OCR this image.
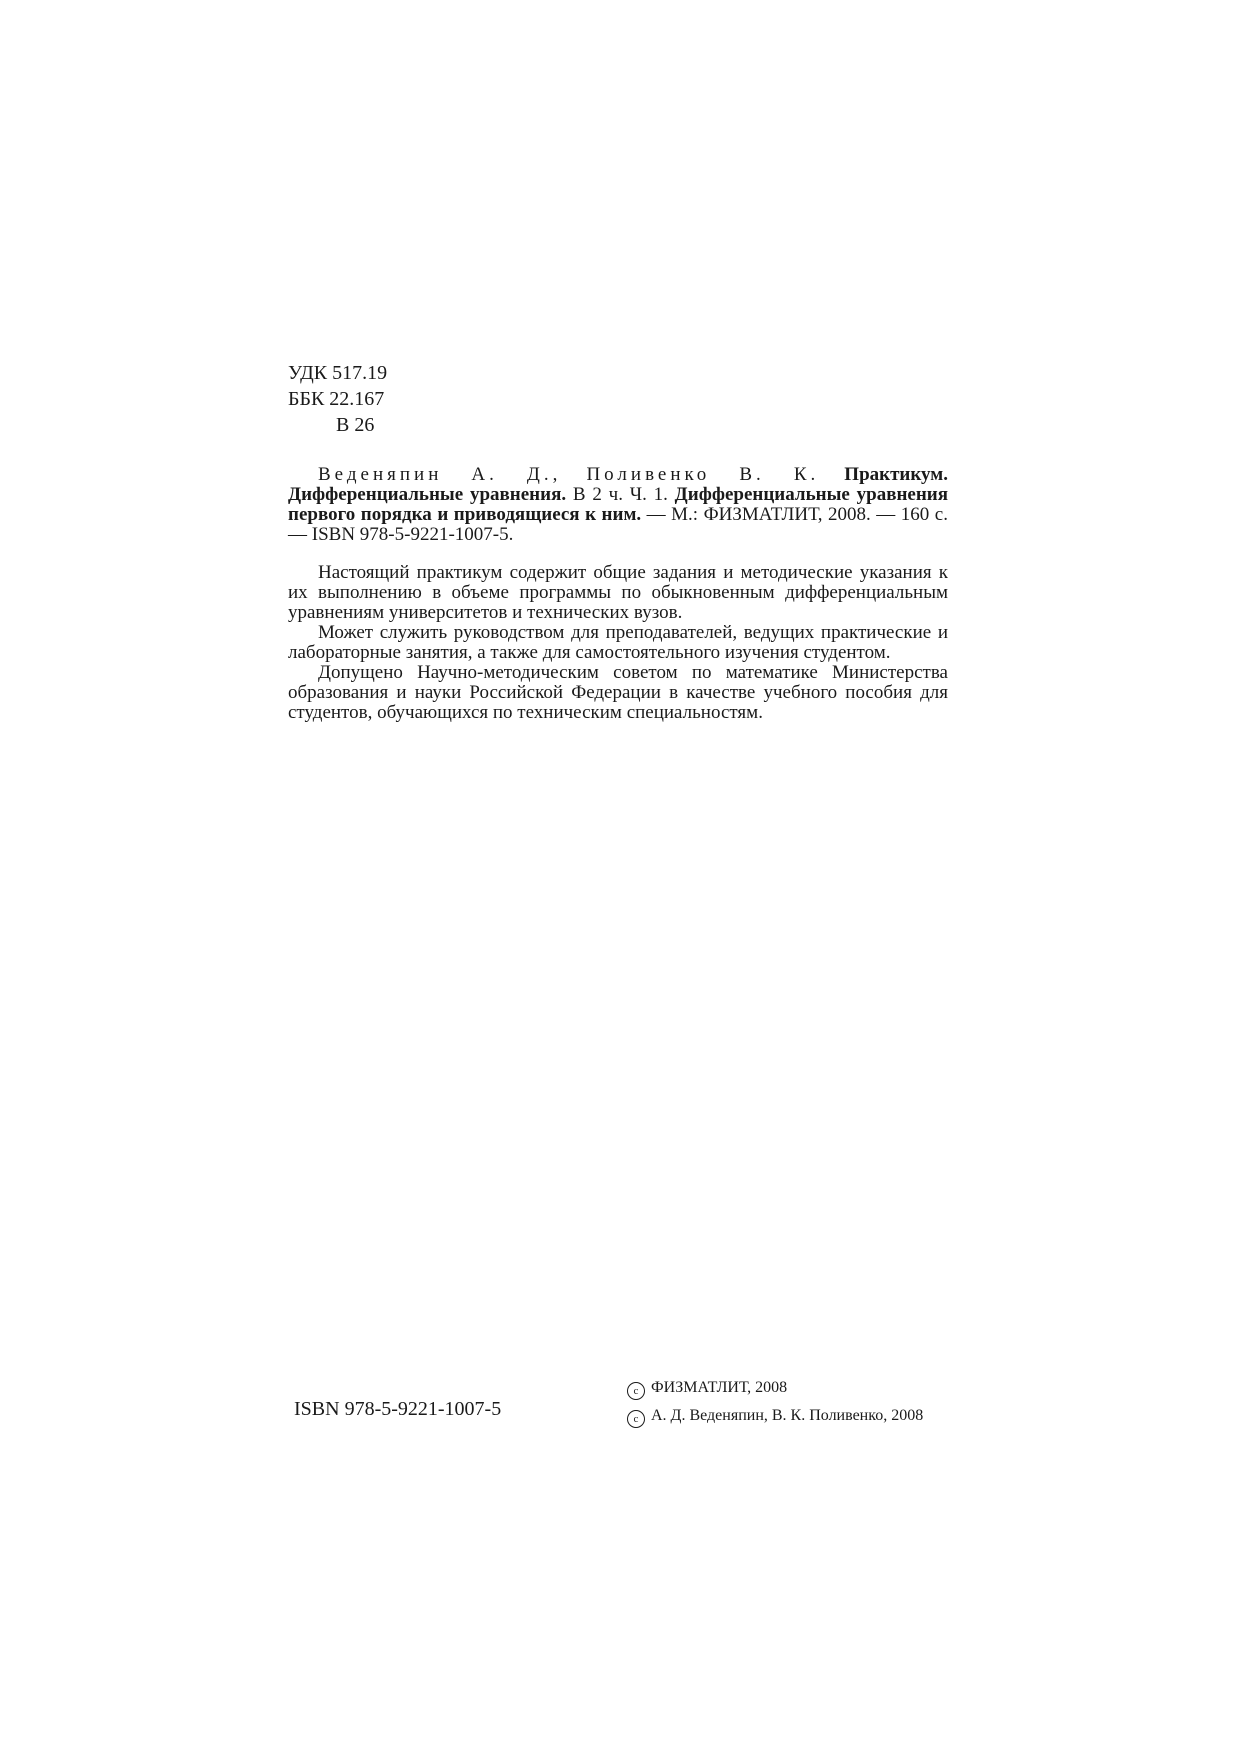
УДК 517.19
ББК 22.167
В 26

Веденяпин А. Д., Поливенко В. К. Практикум. Дифференциальные уравнения. В 2 ч. Ч. 1. Дифференциальные уравнения первого порядка и приводящиеся к ним. — М.: ФИЗМАТЛИТ, 2008. — 160 с. — ISBN 978-5-9221-1007-5.

Настоящий практикум содержит общие задания и методические указания к их выполнению в объеме программы по обыкновенным дифференциальным уравнениям университетов и технических вузов.

Может служить руководством для преподавателей, ведущих практические и лабораторные занятия, а также для самостоятельного изучения студентом.

Допущено Научно-методическим советом по математике Министерства образования и науки Российской Федерации в качестве учебного пособия для студентов, обучающихся по техническим специальностям.

ISBN 978-5-9221-1007-5
c ФИЗМАТЛИТ, 2008
c А. Д. Веденяпин, В. К. Поливенко, 2008
